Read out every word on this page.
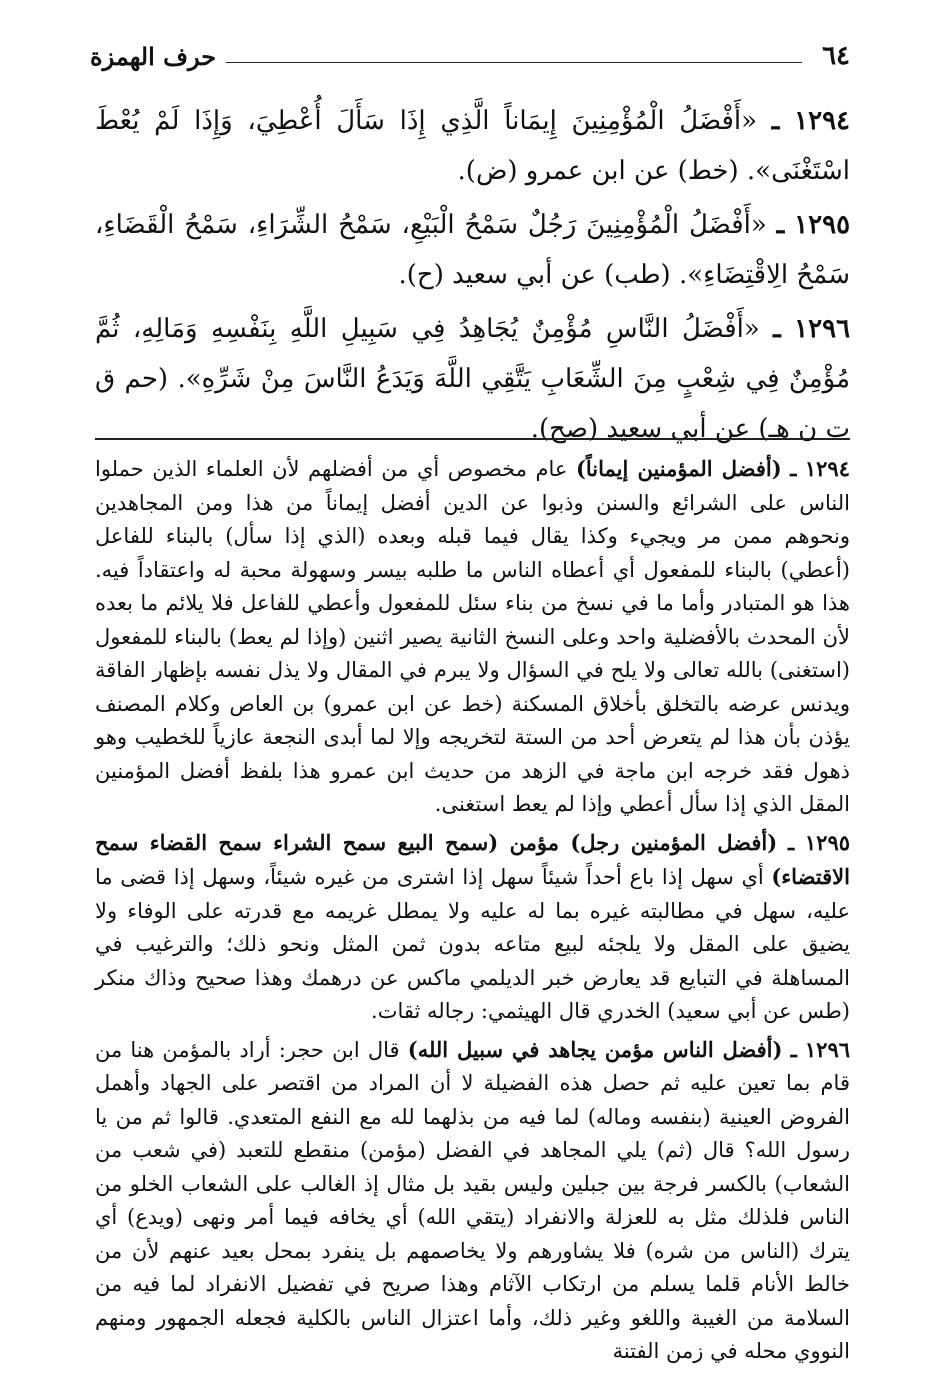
٦٤
حرف الهمزة

١٢٩٤ ـ «أَفْضَلُ الْمُؤْمِنِينَ إِيمَاناً الَّذِي إِذَا سَأَلَ أُعْطِيَ، وَإِذَا لَمْ يُعْطَ اسْتَغْنَى». (خط) عن ابن عمرو (ض).

١٢٩٥ ـ «أَفْضَلُ الْمُؤْمِنِينَ رَجُلٌ سَمْحُ الْبَيْعِ، سَمْحُ الشِّرَاءِ، سَمْحُ الْقَضَاءِ، سَمْحُ الِاقْتِضَاءِ». (طب) عن أبي سعيد (ح).

١٢٩٦ ـ «أَفْضَلُ النَّاسِ مُؤْمِنٌ يُجَاهِدُ فِي سَبِيلِ اللَّهِ بِنَفْسِهِ وَمَالِهِ، ثُمَّ مُؤْمِنٌ فِي شِعْبٍ مِنَ الشِّعَابِ يَتَّقِي اللَّهَ وَيَدَعُ النَّاسَ مِنْ شَرِّهِ». (حم ق ت ن هـ) عن أبي سعيد (صح).

١٢٩٤ ـ (أفضل المؤمنين إيماناً) عام مخصوص أي من أفضلهم لأن العلماء الذين حملوا الناس على الشرائع والسنن وذبوا عن الدين أفضل إيماناً من هذا ومن المجاهدين ونحوهم ممن مر ويجيء وكذا يقال فيما قبله وبعده (الذي إذا سأل) بالبناء للفاعل (أعطي) بالبناء للمفعول أي أعطاه الناس ما طلبه بيسر وسهولة محبة له واعتقاداً فيه. هذا هو المتبادر وأما ما في نسخ من بناء سئل للمفعول وأعطي للفاعل فلا يلائم ما بعده لأن المحدث بالأفضلية واحد وعلى النسخ الثانية يصير اثنين (وإذا لم يعط) بالبناء للمفعول (استغنى) بالله تعالى ولا يلح في السؤال ولا يبرم في المقال ولا يذل نفسه بإظهار الفاقة ويدنس عرضه بالتخلق بأخلاق المسكنة (خط عن ابن عمرو) بن العاص وكلام المصنف يؤذن بأن هذا لم يتعرض أحد من الستة لتخريجه وإلا لما أبدى النجعة عازياً للخطيب وهو ذهول فقد خرجه ابن ماجة في الزهد من حديث ابن عمرو هذا بلفظ أفضل المؤمنين المقل الذي إذا سأل أعطي وإذا لم يعط استغنى.

١٢٩٥ ـ (أفضل المؤمنين رجل) مؤمن (سمح البيع سمح الشراء سمح القضاء سمح الاقتضاء) أي سهل إذا باع أحداً شيئاً سهل إذا اشترى من غيره شيئاً، وسهل إذا قضى ما عليه، سهل في مطالبته غيره بما له عليه ولا يمطل غريمه مع قدرته على الوفاء ولا يضيق على المقل ولا يلجئه لبيع متاعه بدون ثمن المثل ونحو ذلك؛ والترغيب في المساهلة في التبايع قد يعارض خبر الديلمي ماكس عن درهمك وهذا صحيح وذاك منكر (طس عن أبي سعيد) الخدري قال الهيثمي: رجاله ثقات.

١٢٩٦ ـ (أفضل الناس مؤمن يجاهد في سبيل الله) قال ابن حجر: أراد بالمؤمن هنا من قام بما تعين عليه ثم حصل هذه الفضيلة لا أن المراد من اقتصر على الجهاد وأهمل الفروض العينية (بنفسه وماله) لما فيه من بذلهما لله مع النفع المتعدي. قالوا ثم من يا رسول الله؟ قال (ثم) يلي المجاهد في الفضل (مؤمن) منقطع للتعبد (في شعب من الشعاب) بالكسر فرجة بين جبلين وليس بقيد بل مثال إذ الغالب على الشعاب الخلو من الناس فلذلك مثل به للعزلة والانفراد (يتقي الله) أي يخافه فيما أمر ونهى (ويدع) أي يترك (الناس من شره) فلا يشاورهم ولا يخاصمهم بل ينفرد بمحل بعيد عنهم لأن من خالط الأنام قلما يسلم من ارتكاب الآثام وهذا صريح في تفضيل الانفراد لما فيه من السلامة من الغيبة واللغو وغير ذلك، وأما اعتزال الناس بالكلية فجعله الجمهور ومنهم النووي محله في زمن الفتنة
